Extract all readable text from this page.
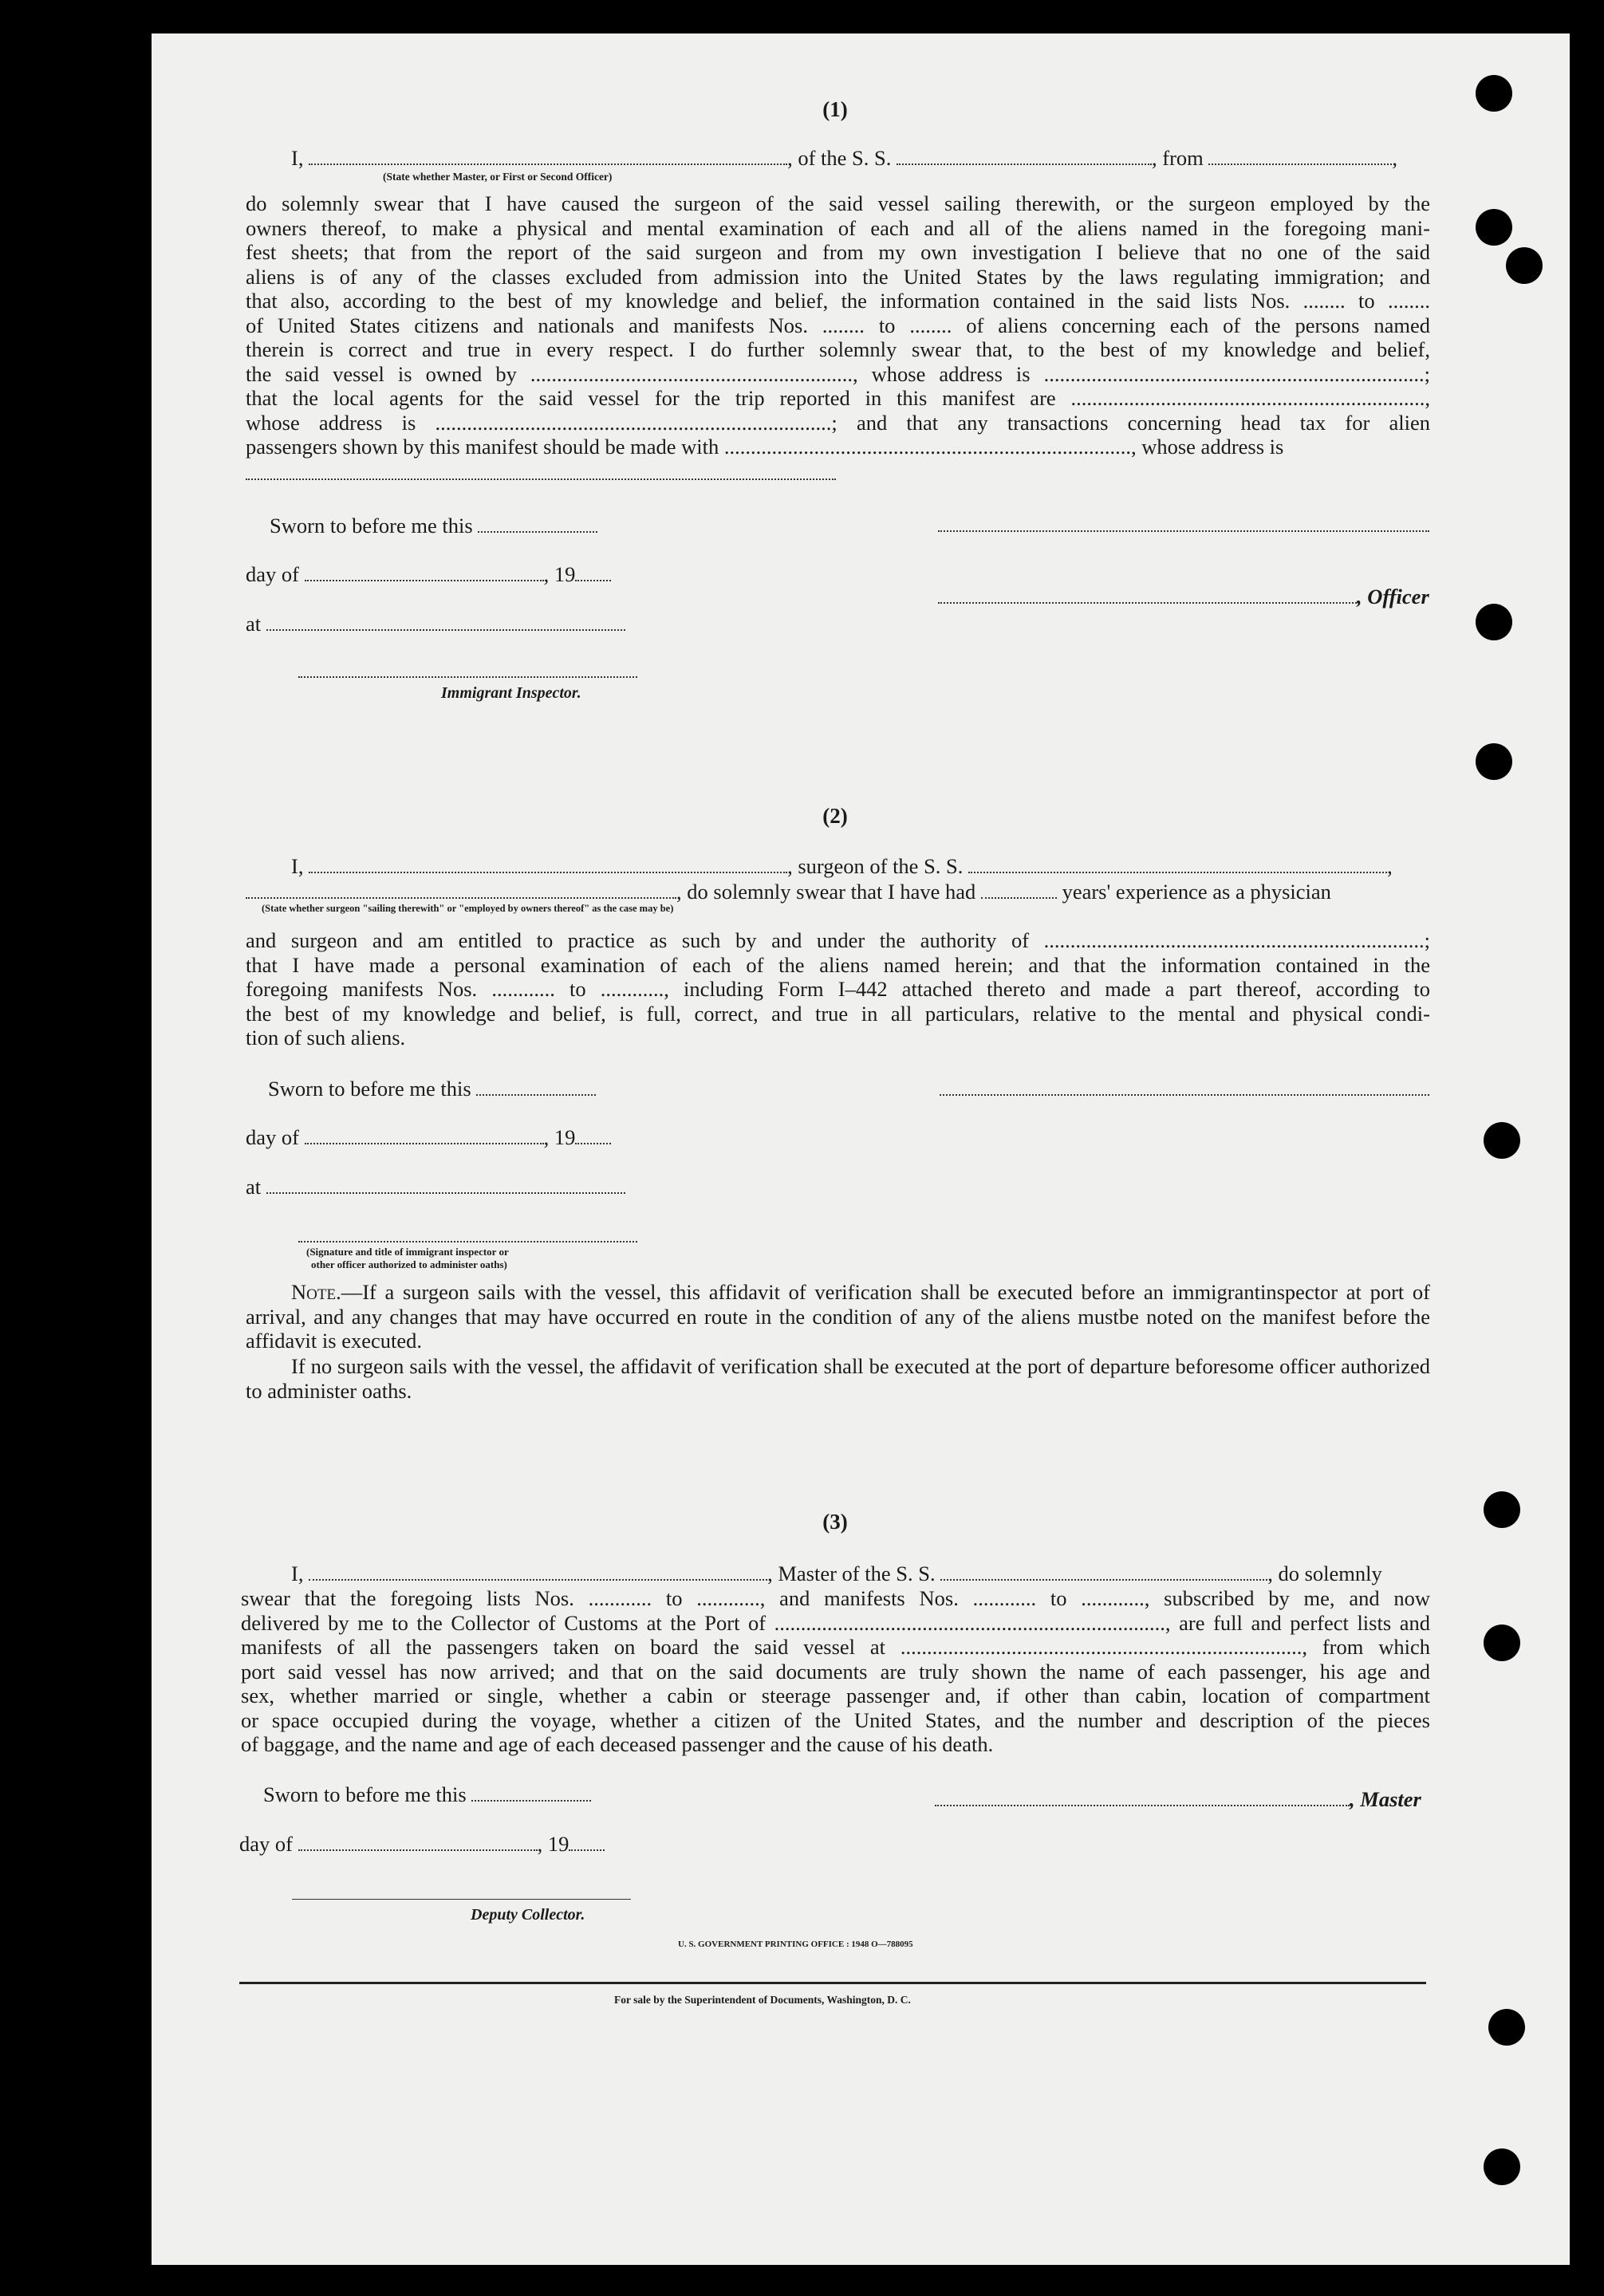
(1)
I,	, of the S. S.	, from	,
(State whether Master, or First or Second Officer)
do solemnly swear that I have caused the surgeon of the said vessel sailing therewith, or the surgeon employed by the
owners thereof, to make a physical and mental examination of each and all of the aliens named in the foregoing mani-
fest sheets; that from the report of the said surgeon and from my own investigation I believe that no one of the said
aliens is of any of the classes excluded from admission into the United States by the laws regulating immigration; and
that also, according to the best of my knowledge and belief, the information contained in the said lists Nos. ........ to ........
of United States citizens and nationals and manifests Nos. ........ to ........ of aliens concerning each of the persons named
therein is correct and true in every respect. I do further solemnly swear that, to the best of my knowledge and belief,
the said vessel is owned by ............................................................., whose address is ........................................................................;
that the local agents for the said vessel for the trip reported in this manifest are ...................................................................,
whose address is ...........................................................................; and that any transactions concerning head tax for alien
passengers shown by this manifest should be made with ............................................................................., whose address is
Sworn to before me this
day of	, 19
, Officer
at
Immigrant Inspector.
(2)
I,	, surgeon of the S. S.	,
, do solemnly swear that I have had	years' experience as a physician
(State whether surgeon "sailing therewith" or "employed by owners thereof" as the case may be)
and surgeon and am entitled to practice as such by and under the authority of ........................................................................;
that I have made a personal examination of each of the aliens named herein; and that the information contained in the
foregoing manifests Nos. ............ to ............, including Form I–442 attached thereto and made a part thereof, according to
the best of my knowledge and belief, is full, correct, and true in all particulars, relative to the mental and physical condi-
tion of such aliens.
Sworn to before me this
day of	, 19
at
(Signature and title of immigrant inspector or
other officer authorized to administer oaths)
Note.—If a surgeon sails with the vessel, this affidavit of verification shall be executed before an immigrantinspector at port of arrival, and any changes that may have occurred en route in the condition of any of the aliens mustbe noted on the manifest before the affidavit is executed.
If no surgeon sails with the vessel, the affidavit of verification shall be executed at the port of departure beforesome officer authorized to administer oaths.
(3)
I,	, Master of the S. S.	, do solemnly
swear that the foregoing lists Nos. ............ to ............, and manifests Nos. ............ to ............, subscribed by me, and now
delivered by me to the Collector of Customs at the Port of .........................................................................., are full and perfect lists and
manifests of all the passengers taken on board the said vessel at ............................................................................, from which
port said vessel has now arrived; and that on the said documents are truly shown the name of each passenger, his age and
sex, whether married or single, whether a cabin or steerage passenger and, if other than cabin, location of compartment
or space occupied during the voyage, whether a citizen of the United States, and the number and description of the pieces
of baggage, and the name and age of each deceased passenger and the cause of his death.
Sworn to before me this	, Master
day of	, 19
Deputy Collector.
U. S. GOVERNMENT PRINTING OFFICE : 1948 O—788095
For sale by the Superintendent of Documents, Washington, D. C.
